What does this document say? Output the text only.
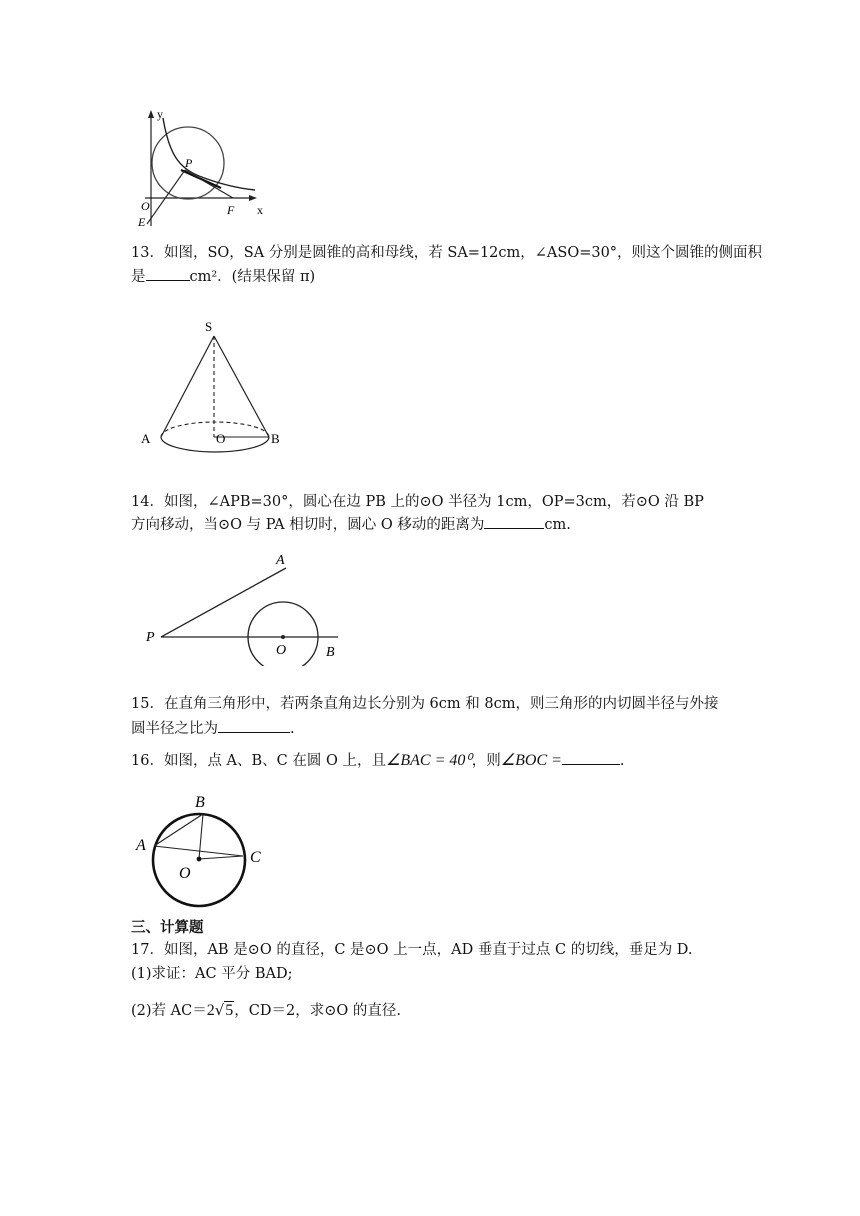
y
x
O
E
P
F
13．如图，SO，SA 分别是圆锥的高和母线，若 SA=12cm，∠ASO=30°，则这个圆锥的侧面积
是	cm²．(结果保留 π)
S
A	O	B
14．如图，∠APB=30°，圆心在边 PB 上的⊙O 半径为 1cm，OP=3cm，若⊙O 沿 BP
方向移动，当⊙O 与 PA 相切时，圆心 O 移动的距离为	cm.
A
P
O	B
15．在直角三角形中，若两条直角边长分别为 6cm 和 8cm，则三角形的内切圆半径与外接
圆半径之比为	.
16．如图，点 A、B、C 在圆 O 上，且∠BAC = 40⁰，则∠BOC =	.
B
A
C
O
三、计算题
17．如图，AB 是⊙O 的直径，C 是⊙O 上一点，AD 垂直于过点 C 的切线，垂足为 D.
(1)求证：AC 平分 BAD;
(2)若 AC＝2√5，CD＝2，求⊙O 的直径.
